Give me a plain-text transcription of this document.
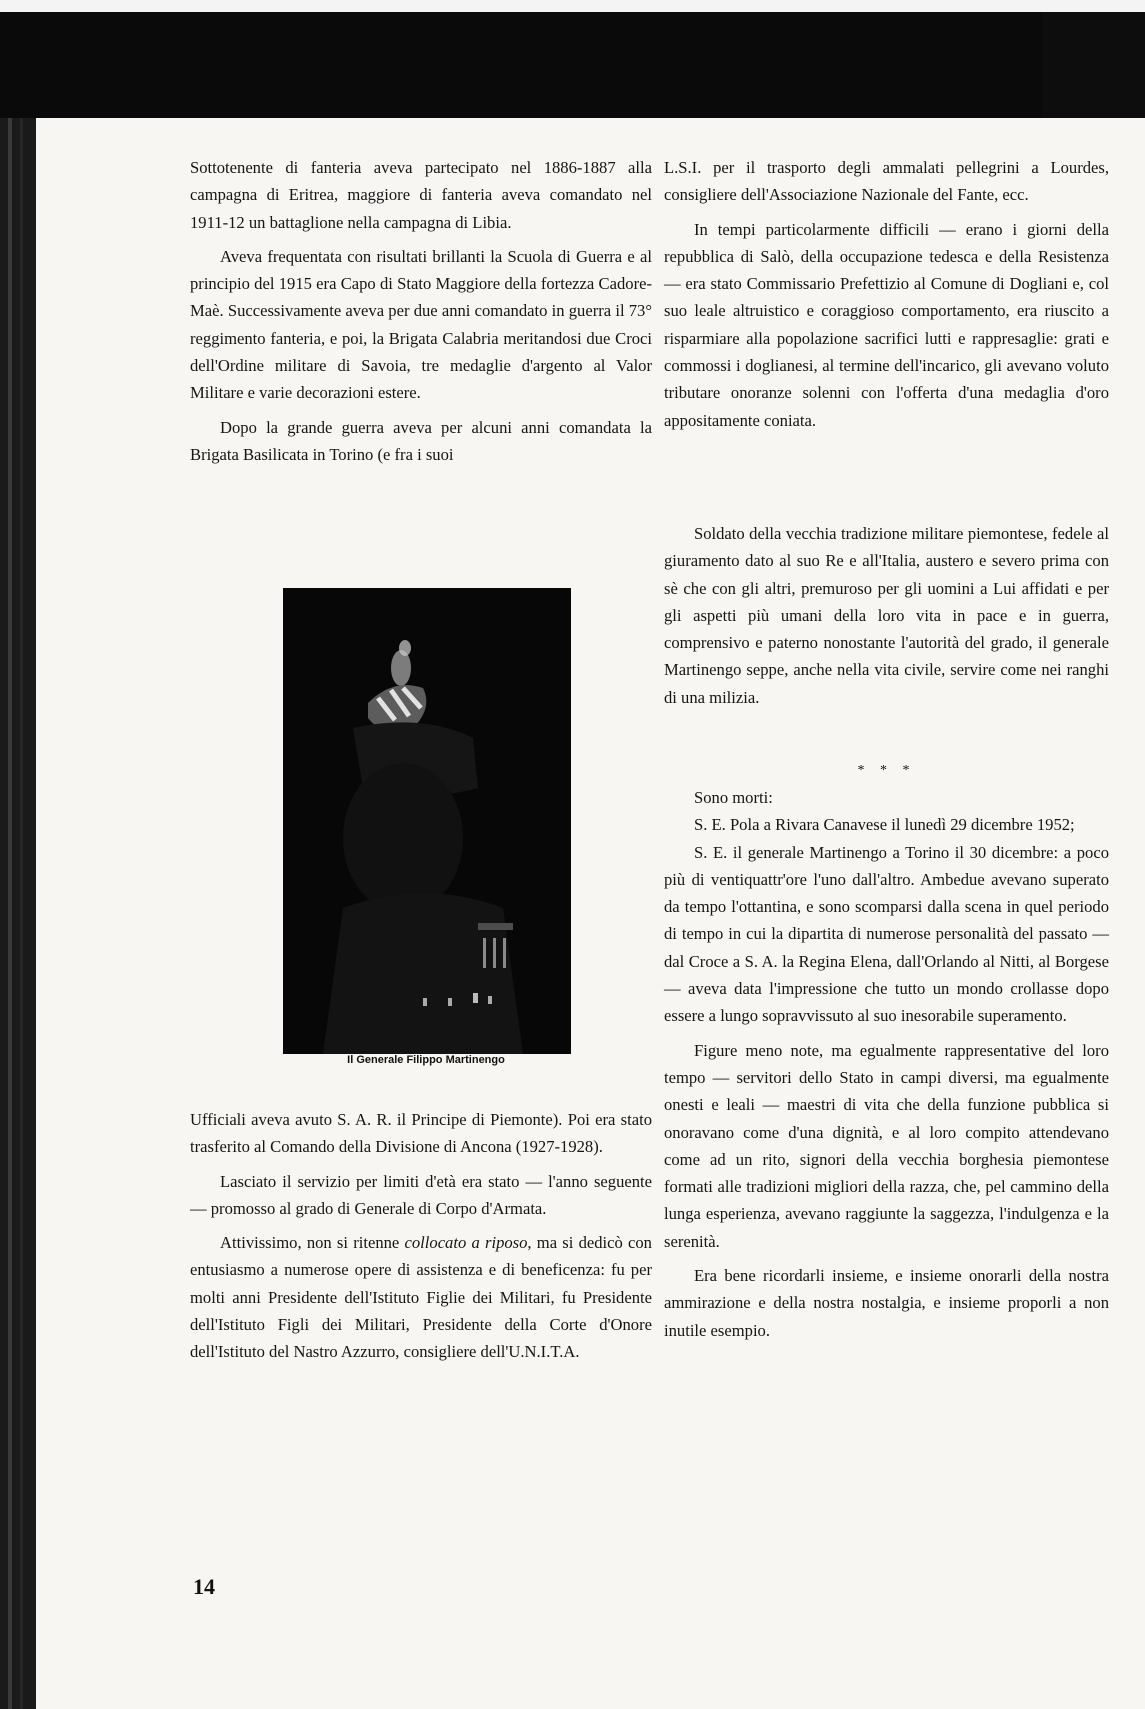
Sottotenente di fanteria aveva partecipato nel 1886-1887 alla campagna di Eritrea, maggiore di fanteria aveva comandato nel 1911-12 un battaglione nella campagna di Libia.

Aveva frequentata con risultati brillanti la Scuola di Guerra e al principio del 1915 era Capo di Stato Maggiore della fortezza Cadore-Maè. Successivamente aveva per due anni comandato in guerra il 73° reggimento fanteria, e poi, la Brigata Calabria meritandosi due Croci dell'Ordine militare di Savoia, tre medaglie d'argento al Valor Militare e varie decorazioni estere.

Dopo la grande guerra aveva per alcuni anni comandata la Brigata Basilicata in Torino (e fra i suoi

Il Generale Filippo Martinengo

Ufficiali aveva avuto S. A. R. il Principe di Piemonte). Poi era stato trasferito al Comando della Divisione di Ancona (1927-1928).

Lasciato il servizio per limiti d'età era stato — l'anno seguente — promosso al grado di Generale di Corpo d'Armata.

Attivissimo, non si ritenne collocato a riposo, ma si dedicò con entusiasmo a numerose opere di assistenza e di beneficenza: fu per molti anni Presidente dell'Istituto Figlie dei Militari, fu Presidente dell'Istituto Figli dei Militari, Presidente della Corte d'Onore dell'Istituto del Nastro Azzurro, consigliere dell'U.N.I.T.A.

L.S.I. per il trasporto degli ammalati pellegrini a Lourdes, consigliere dell'Associazione Nazionale del Fante, ecc.

In tempi particolarmente difficili — erano i giorni della repubblica di Salò, della occupazione tedesca e della Resistenza — era stato Commissario Prefettizio al Comune di Dogliani e, col suo leale altruistico e coraggioso comportamento, era riuscito a risparmiare alla popolazione sacrifici lutti e rappresaglie: grati e commossi i doglianesi, al termine dell'incarico, gli avevano voluto tributare onoranze solenni con l'offerta d'una medaglia d'oro appositamente coniata.

Soldato della vecchia tradizione militare piemontese, fedele al giuramento dato al suo Re e all'Italia, austero e severo prima con sè che con gli altri, premuroso per gli uomini a Lui affidati e per gli aspetti più umani della loro vita in pace e in guerra, comprensivo e paterno nonostante l'autorità del grado, il generale Martinengo seppe, anche nella vita civile, servire come nei ranghi di una milizia.

* * *

Sono morti:

S. E. Pola a Rivara Canavese il lunedì 29 dicembre 1952;

S. E. il generale Martinengo a Torino il 30 dicembre: a poco più di ventiquattr'ore l'uno dall'altro. Ambedue avevano superato da tempo l'ottantina, e sono scomparsi dalla scena in quel periodo di tempo in cui la dipartita di numerose personalità del passato — dal Croce a S. A. la Regina Elena, dall'Orlando al Nitti, al Borgese — aveva data l'impressione che tutto un mondo crollasse dopo essere a lungo sopravvissuto al suo inesorabile superamento.

Figure meno note, ma egualmente rappresentative del loro tempo — servitori dello Stato in campi diversi, ma egualmente onesti e leali — maestri di vita che della funzione pubblica si onoravano come d'una dignità, e al loro compito attendevano come ad un rito, signori della vecchia borghesia piemontese formati alle tradizioni migliori della razza, che, pel cammino della lunga esperienza, avevano raggiunte la saggezza, l'indulgenza e la serenità.

Era bene ricordarli insieme, e insieme onorarli della nostra ammirazione e della nostra nostalgia, e insieme proporli a non inutile esempio.

14
